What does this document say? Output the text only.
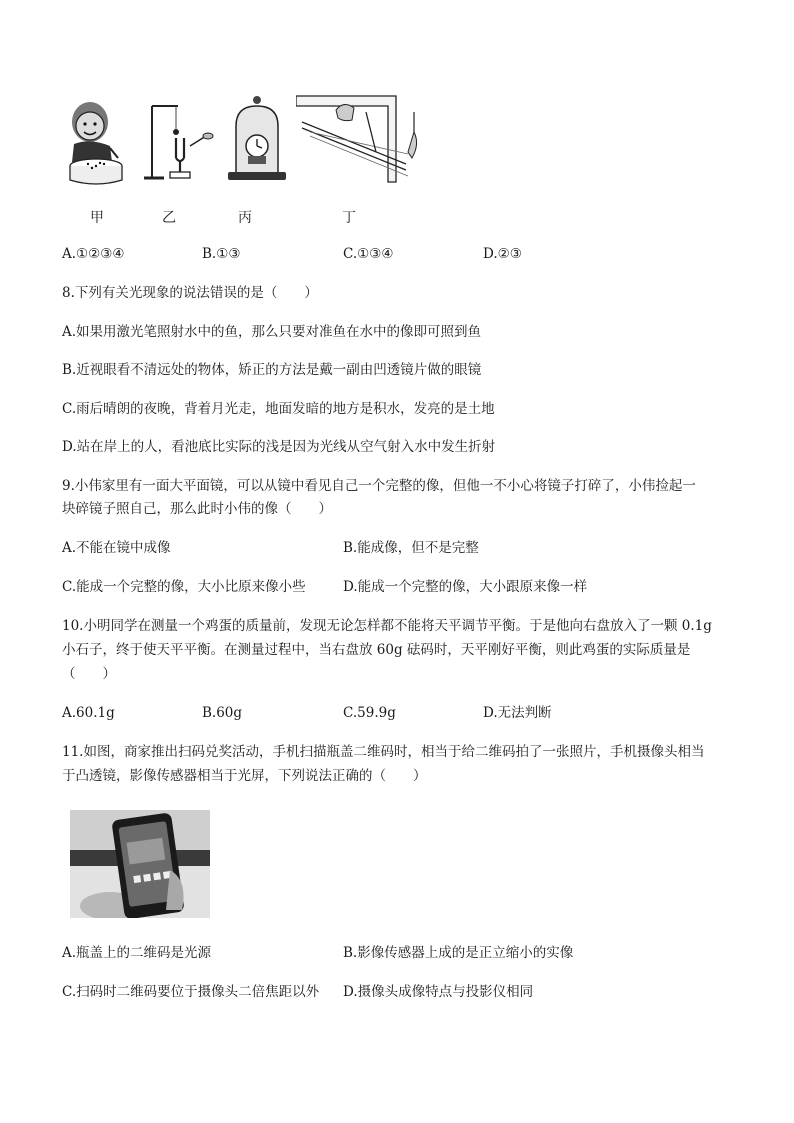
甲	乙	丙	丁
A.①②③④	B.①③	C.①③④	D.②③
8.下列有关光现象的说法错误的是（　　）
A.如果用激光笔照射水中的鱼，那么只要对准鱼在水中的像即可照到鱼
B.近视眼看不清远处的物体，矫正的方法是戴一副由凹透镜片做的眼镜
C.雨后晴朗的夜晚，背着月光走，地面发暗的地方是积水，发亮的是土地
D.站在岸上的人，看池底比实际的浅是因为光线从空气射入水中发生折射
9.小伟家里有一面大平面镜，可以从镜中看见自己一个完整的像，但他一不小心将镜子打碎了，小伟捡起一
块碎镜子照自己，那么此时小伟的像（　　）
A.不能在镜中成像	B.能成像，但不是完整
C.能成一个完整的像，大小比原来像小些	D.能成一个完整的像，大小跟原来像一样
10.小明同学在测量一个鸡蛋的质量前，发现无论怎样都不能将天平调节平衡。于是他向右盘放入了一颗 0.1g
小石子，终于使天平平衡。在测量过程中，当右盘放 60g 砝码时，天平刚好平衡，则此鸡蛋的实际质量是
（　　）
A.60.1g	B.60g	C.59.9g	D.无法判断
11.如图，商家推出扫码兑奖活动，手机扫描瓶盖二维码时，相当于给二维码拍了一张照片，手机摄像头相当
于凸透镜，影像传感器相当于光屏，下列说法正确的（　　）
A.瓶盖上的二维码是光源	B.影像传感器上成的是正立缩小的实像
C.扫码时二维码要位于摄像头二倍焦距以外 D.摄像头成像特点与投影仪相同
